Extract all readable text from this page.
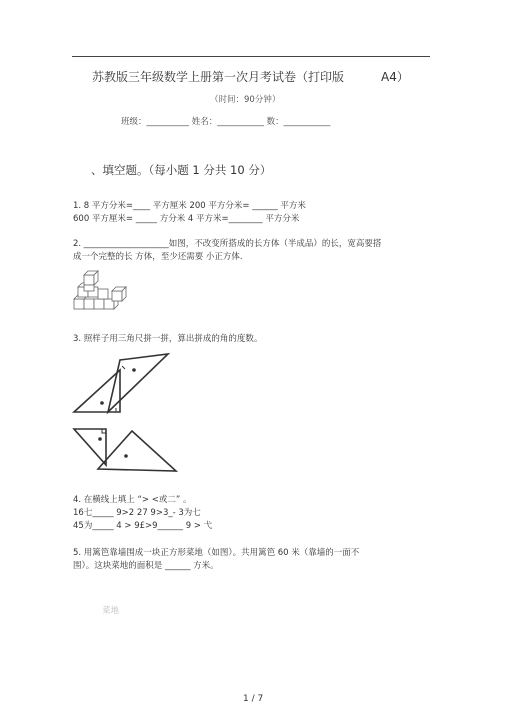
苏教版三年级数学上册第一次月考试卷（打印版	A4）
（时间：90分钟）
班级：__________ 姓名：___________ 数：___________
、填空题。（每小题 1 分共 10 分）
1. 8 平方分米=____ 平方厘米 200 平方分米= ______ 平方米
600 平方厘米= _____ 方分米 4 平方米=________ 平方分米
2. ____________________如图，不改变所搭成的长方体（半成品）的长，宽高要搭
成一个完整的长 方体，至少还需要 小正方体.
3. 照样子用三角尺拼一拼，算出拼成的角的度数。
4. 在横线上填上 “> <或二” 。
16七_____ 9>2 27 9>3_- 3为七
45为_____ 4 > 9£>9______ 9 > 弋
5. 用篱笆靠墙围成一块正方形菜地（如图）。共用篱笆 60 米（靠墙的一面不
围）。这块菜地的面积是 ______ 方米。
菜地
1 / 7
